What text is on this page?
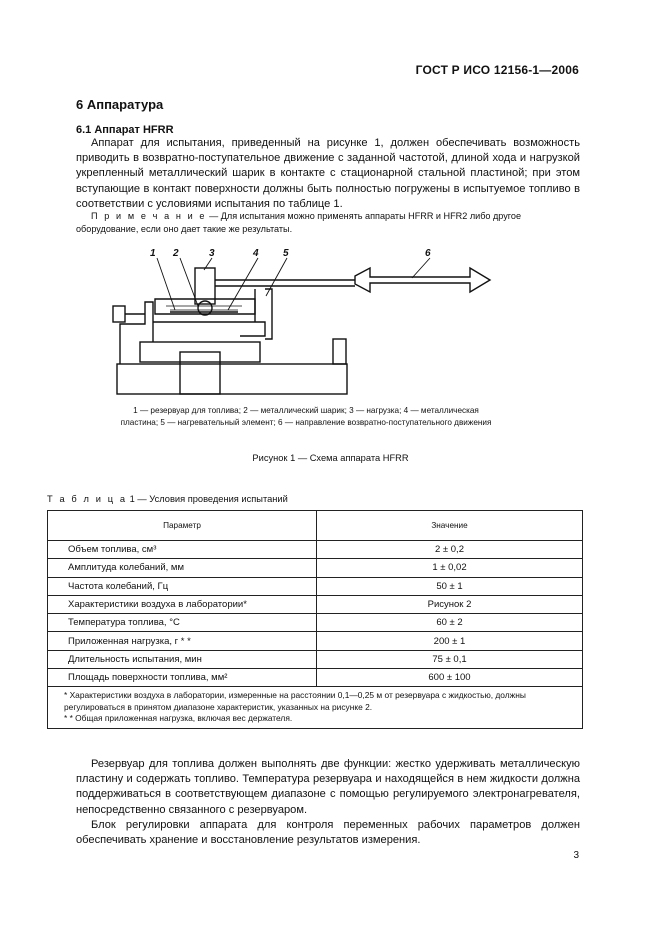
ГОСТ Р ИСО 12156-1—2006
6 Аппаратура
6.1 Аппарат HFRR
Аппарат для испытания, приведенный на рисунке 1, должен обеспечивать возможность приводить в возвратно-поступательное движение с заданной частотой, длиной хода и нагрузкой укрепленный металлический шарик в контакте с стационарной стальной пластиной; при этом вступающие в контакт поверхности должны быть полностью погружены в испытуемое топливо в соответствии с условиями испытания по таблице 1.
П р и м е ч а н и е — Для испытания можно применять аппараты HFRR и HFR2 либо другое оборудование, если оно дает такие же результаты.
1 2	3	4 5	6
1 — резервуар для топлива; 2 — металлический шарик; 3 — нагрузка; 4 — металлическая пластина; 5 — нагревательный элемент; 6 — направление возвратно-поступательного движения
Рисунок 1 — Схема аппарата HFRR
Т а б л и ц а 1 — Условия проведения испытаний
Параметр	Значение
Объем топлива, см³	2 ± 0,2
Амплитуда колебаний, мм	1 ± 0,02
Частота колебаний, Гц	50 ± 1
Характеристики воздуха в лаборатории*	Рисунок 2
Температура топлива, °С	60 ± 2
Приложенная нагрузка, г * *	200 ± 1
Длительность испытания, мин	75 ± 0,1
Площадь поверхности топлива, мм²	600 ± 100

* Характеристики воздуха в лаборатории, измеренные на расстоянии 0,1—0,25 м от резервуара с жидкостью, должны регулироваться в принятом диапазоне характеристик, указанных на рисунке 2.
* * Общая приложенная нагрузка, включая вес держателя.	
Резервуар для топлива должен выполнять две функции: жестко удерживать металлическую пластину и содержать топливо. Температура резервуара и находящейся в нем жидкости должна поддерживаться в соответствующем диапазоне с помощью регулируемого электронагревателя, непосредственно связанного с резервуаром.
Блок регулировки аппарата для контроля переменных рабочих параметров должен обеспечивать хранение и восстановление результатов измерения.
3
